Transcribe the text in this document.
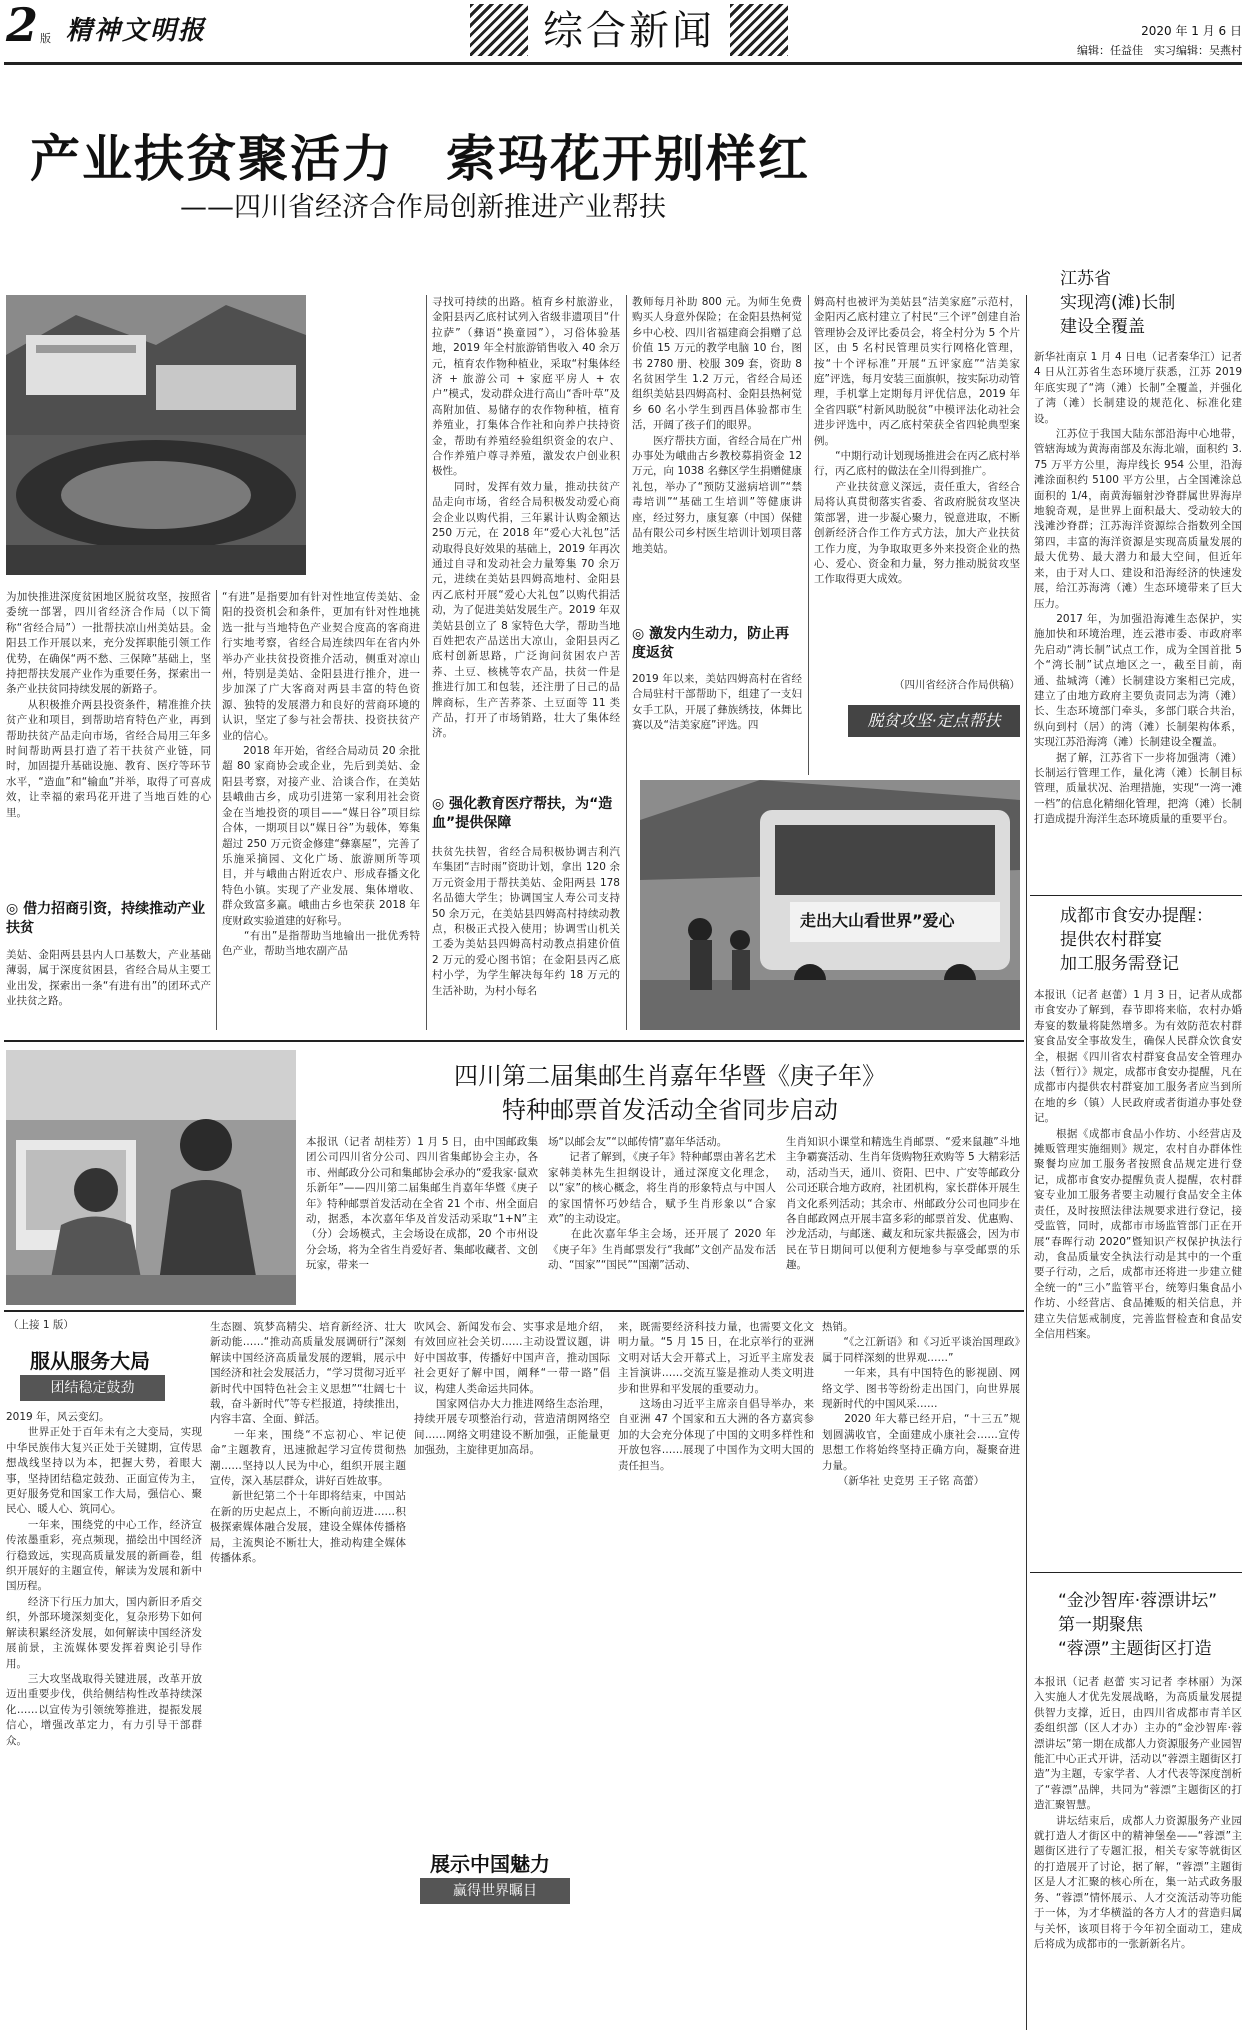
2 版 精神文明报	综合新闻	2020 年 1 月 6 日
编辑：任益佳　实习编辑：吴燕村
产业扶贫聚活力　索玛花开别样红
——四川省经济合作局创新推进产业帮扶
为加快推进深度贫困地区脱贫攻坚，按照省委统一部署，四川省经济合作局（以下简称“省经合局”）一批帮扶凉山州美姑县。金阳县工作开展以来，充分发挥职能引领工作优势，在确保“两不愁、三保障”基础上，坚持把帮扶发展产业作为重要任务，探索出一条产业扶贫同持续发展的新路子。
　　从积极推介两县投资条件，精准推介扶贫产业和项目，到帮助培育特色产业，再到帮助扶贫产品走向市场，省经合局用三年多时间帮助两县打造了若干扶贫产业链，同时，加固提升基础设施、教育、医疗等环节水平，“造血”和“输血”并举，取得了可喜成效，让幸福的索玛花开进了当地百姓的心里。
◎ 借力招商引资，持续推动产业扶贫
美姑、金阳两县县内人口基数大，产业基础薄弱，属于深度贫困县，省经合局从主要工业出发，探索出一条“有进有出”的团环式产业扶贫之路。
“有进”是指要加有针对性地宣传美姑、金阳的投资机会和条件，更加有针对性地挑选一批与当地特色产业契合度高的客商进行实地考察，省经合局连续四年在省内外举办产业扶贫投资推介活动，侧重对凉山州，特别是美姑、金阳县进行推介，进一步加深了广大客商对两县丰富的特色资源、独特的发展潜力和良好的营商环境的认识，坚定了参与社会帮扶、投资扶贫产业的信心。
　　2018 年开始，省经合局动员 20 余批超 80 家商协会或企业，先后到美姑、金阳县考察，对接产业、洽谈合作，在美姑县峨曲古乡，成功引进第一家利用社会资金在当地投资的项目——“媒日谷”项目综合体，一期项目以“媒日谷”为载体，筹集超过 250 万元资金修建“彝寨屋”，完善了乐施采摘园、文化广场、旅游厕所等项目，并与峨曲古附近农户、形成春播文化特色小镇。实现了产业发展、集体增收、群众致富多赢。峨曲古乡也荣获 2018 年度财政实验道建的好称号。
　　“有出”是指帮助当地输出一批优秀特色产业，帮助当地农副产品
寻找可持续的出路。植育乡村旅游业，金阳县丙乙底村试列入省级非遗项目“什拉萨”（彝语“换童园”），习俗体验基地，2019 年全村旅游销售收入 40 余万元，植育农作物种植业，采取“村集体经济 + 旅游公司 + 家庭平房人 + 农户”模式，发动群众进行高山“香叶草”及高附加值、易储存的农作物种植，植育养殖业，打集体合作社和向养户扶持资金，帮助有养殖经验组织资金的农户、合作养殖户尊寻养殖，激发农户创业积极性。
　　同时，发挥有效力量，推动扶贫产品走向市场，省经合局积极发动爱心商会企业以购代捐，三年累计认购金额达 250 万元，在 2018 年“爱心大礼包”活动取得良好效果的基础上，2019 年再次通过自寻和发动社会力量筹集 70 余万元，进续在美姑县四姆高地村、金阳县丙乙底村开展“爱心大礼包”以购代捐活动，为了促进美姑发展生产。2019 年双美姑县创立了 8 家特色大学，帮助当地百姓把农产品送出大凉山，金阳县丙乙底村创新思路，广泛询问贫困农户苦荞、土豆、核桃等农产品，扶贫一件是推进行加工和包装，还注册了日己的品牌商标，生产苦荞茶、土豆面等 11 类产品，打开了市场销路，壮大了集体经济。
◎ 强化教育医疗帮扶，为“造血”提供保障
扶贫先扶智，省经合局积极协调吉利汽车集团“吉时雨”资助计划，拿出 120 余万元资金用于帮扶美姑、金阳两县 178 名品德大学生；协调国宝人寿公司支持 50 余万元，在美姑县四姆高村持续动教点，积极正式投入使用；协调雪山机关工委为美姑县四姆高村动教点捐建价值 2 万元的爱心图书馆；在金阳县丙乙底村小学，为学生解决每年约 18 万元的生活补助，为村小每名
教师每月补助 800 元。为师生免费购买人身意外保险；在金阳县热柯觉乡中心校、四川省福建商会捐赠了总价值 15 万元的教学电脑 10 台，图书 2780 册、校服 309 套，资助 8 名贫困学生 1.2 万元，省经合局还组织美姑县四姆高村、金阳县热柯觉乡 60 名小学生到西昌体验都市生活，开阔了孩子们的眼界。
　　医疗帮扶方面，省经合局在广州办事处为峨曲古乡教校募捐资金 12 万元，向 1038 名彝区学生捐赠健康礼包，举办了“预防艾滋病培训”“禁毒培训”“基础工生培训”等健康讲座，经过努力，康复寨（中国）保健品有限公司乡村医生培训计划项目落地美姑。
◎ 激发内生动力，防止再度返贫
2019 年以来，美姑四姆高村在省经合局驻村干部帮助下，组建了一支妇女手工队，开展了彝族绣技，体舞比赛以及“洁美家庭”评选。四
姆高村也被评为美姑县“洁美家庭”示范村，金阳丙乙底村建立了村民“三个评”创建自治管理协会及评比委员会，将全村分为 5 个片区，由 5 名村民管理员实行网格化管理，按“十个评标准”开展“五评家庭”“洁美家庭”评选，每月安装三面旗帜，按实际功动管理，手机掌上定期每月评优信息，2019 年全省四联“村新风助脱贫”中模评法化动社会进步评选中，丙乙底村荣获全省四轮典型案例。
　　“中期行动计划现场推进会在丙乙底村举行，丙乙底村的做法在全川得到推广。
　　产业扶贫意义深远，责任重大，省经合局将认真贯彻落实省委、省政府脱贫攻坚决策部署，进一步凝心聚力，锐意进取，不断创新经济合作工作方式方法，加大产业扶贫工作力度，为争取取更多外来投资企业的热心、爱心、资金和力量，努力推动脱贫攻坚工作取得更大成效。
（四川省经济合作局供稿）
脱贫攻坚·定点帮扶
走出大山看世界”爱心
江苏省
实现湾(滩)长制
建设全覆盖
新华社南京 1 月 4 日电（记者秦华江）记者 4 日从江苏省生态环境厅获悉，江苏 2019 年底实现了“湾（滩）长制”全覆盖，并强化了湾（滩）长制建设的规范化、标准化建设。
　　江苏位于我国大陆东部沿海中心地带，管辖海域为黄海南部及东海北端，面积约 3.75 万平方公里，海岸线长 954 公里，沿海滩涂面积约 5100 平方公里，占全国滩涂总面积的 1/4，南黄海辐射沙脊群属世界海岸地貌奇观，是世界上面积最大、受动较大的浅滩沙脊群；江苏海洋资源综合指数列全国第四，丰富的海洋资源是实现高质量发展的最大优势、最大潜力和最大空间，但近年来，由于对人口、建设和沿海经济的快速发展，给江苏海湾（滩）生态环境带来了巨大压力。
　　2017 年，为加强沿海滩生态保护，实施加快和环境治理，连云港市委、市政府率先启动“湾长制”试点工作，成为全国首批 5 个“湾长制”试点地区之一，截至目前，南通、盐城湾（滩）长制建设方案相已完成，建立了由地方政府主要负责同志为湾（滩）长、生态环境部门牵头，多部门联合共治，纵向到村（居）的湾（滩）长制架构体系，实现江苏沿海湾（滩）长制建设全覆盖。
　　据了解，江苏省下一步将加强湾（滩）长制运行管理工作，量化湾（滩）长制目标管理，质量状况、治理措施，实现“一湾一滩一档”的信息化精细化管理，把湾（滩）长制打造成提升海洋生态环境质量的重要平台。
成都市食安办提醒：
提供农村群宴
加工服务需登记
本报讯（记者 赵蕾）1 月 3 日，记者从成都市食安办了解到，春节即将来临，农村办婚寿宴的数量将陡然增多。为有效防范农村群宴食品安全事故发生，确保人民群众饮食安全，根据《四川省农村群宴食品安全管理办法（暂行）》规定，成都市食安办提醒，凡在成都市内提供农村群宴加工服务者应当到所在地的乡（镇）人民政府或者街道办事处登记。
　　根据《成都市食品小作坊、小经营店及摊贩管理实施细则》规定，农村自办群体性聚餐均应加工服务者按照食品规定进行登记，成都市食安办提醒负责人提醒，农村群宴专业加工服务者要主动履行食品安全主体责任，及时按照法律法规要求进行登记，接受监管，同时，成都市市场监管部门正在开展“春晖行动 2020”暨知识产权保护执法行动，食品质量安全执法行动是其中的一个重要子行动，之后，成都市还将进一步建立健全统一的“三小”监管平台，统筹归集食品小作坊、小经营店、食品摊贩的相关信息，并建立失信惩戒制度，完善监督检查和食品安全信用档案。
“金沙智库·蓉漂讲坛”
第一期聚焦
“蓉漂”主题街区打造
本报讯（记者 赵蕾 实习记者 李林丽）为深入实施人才优先发展战略，为高质量发展提供智力支撑，近日，由四川省成都市青羊区委组织部（区人才办）主办的“金沙智库·蓉漂讲坛”第一期在成都人力资源服务产业园智能汇中心正式开讲，活动以“蓉漂主题街区打造”为主题，专家学者、人才代表等深度剖析了“蓉漂”品牌，共同为“蓉漂”主题街区的打造汇聚智慧。
　　讲坛结束后，成都人力资源服务产业园就打造人才街区中的精神堡垒——“蓉漂”主题街区进行了专题汇报，相关专家等就街区的打造展开了讨论，据了解，“蓉漂”主题街区是人才汇聚的核心所在，集一站式政务服务、“蓉漂”情怀展示、人才交流活动等功能于一体，为才华横溢的各方人才的营造归属与关怀，该项目将于今年初全面动工，建成后将成为成都市的一张新新名片。
四川第二届集邮生肖嘉年华暨《庚子年》
特种邮票首发活动全省同步启动
本报讯（记者 胡桂芳）1 月 5 日，由中国邮政集团公司四川省分公司、四川省集邮协会主办，各市、州邮政分公司和集邮协会承办的“爱我家·鼠欢乐新年”——四川第二届集邮生肖嘉年华暨《庚子年》特种邮票首发活动在全省 21 个市、州全面启动，据悉，本次嘉年华及首发活动采取“1+N”主（分）会场模式，主会场设在成都，20 个市州设分会场，将为全省生肖爱好者、集邮收藏者、文创玩家，带来一
场“以邮会友”“以邮传情”嘉年华活动。
　　记者了解到，《庚子年》特种邮票由著名艺术家韩美林先生担纲设计，通过深度文化理念，以“家”的核心概念，将生肖的形象特点与中国人的家国情怀巧妙结合，赋予生肖形象以“合家欢”的主动设定。
　　在此次嘉年华主会场，还开展了 2020 年《庚子年》生肖邮票发行“我邮”文创产品发布活动、“国家”“国民”“国潮”活动、
生肖知识小课堂和精选生肖邮票、“爱来鼠趣”斗地主争霸赛活动、生肖年货购物狂欢购等 5 大精彩活动，活动当天，通川、资阳、巴中、广安等邮政分公司还联合地方政府，社团机构，家长群体开展生肖文化系列活动；其余市、州邮政分公司也同步在各自邮政网点开展丰富多彩的邮票首发、优惠购、沙龙活动，与邮迷、藏友和玩家共振盛会，因为市民在节日期间可以便利方便地参与享受邮票的乐趣。
（上接 1 版）
服从服务大局
团结稳定鼓劲
2019 年，风云变幻。
　　世界正处于百年未有之大变局，实现中华民族伟大复兴正处于关键期，宣传思想战线坚持以为本，把握大势，着眼大事，坚持团结稳定鼓劲、正面宣传为主，更好服务党和国家工作大局，强信心、聚民心、暖人心、筑同心。
　　一年来，围绕党的中心工作，经济宣传浓墨重彩，亮点频现，描绘出中国经济行稳致远，实现高质量发展的新画卷，组织开展好的主题宣传，解读为发展和新中国历程。
　　经济下行压力加大，国内新旧矛盾交织，外部环境深刻变化，复杂形势下如何解读积累经济发展，如何解读中国经济发展前景，主流媒体要发挥着舆论引导作用。
　　三大攻坚战取得关键进展，改革开放迈出重要步伐，供给侧结构性改革持续深化……以宣传为引领统筹推进，提振发展信心，增强改革定力，有力引导干部群众。
生态圈、筑梦高精尖、培育新经济、壮大新动能……“推动高质量发展调研行”深刻解读中国经济高质量发展的逻辑，展示中国经济和社会发展活力，“学习贯彻习近平新时代中国特色社会主义思想”“壮阔七十载，奋斗新时代”等专栏报道，持续推出，内容丰富、全面、鲜活。
　　一年来，围绕“不忘初心、牢记使命”主题教育，迅速掀起学习宣传贯彻热潮……坚持以人民为中心，组织开展主题宣传，深入基层群众，讲好百姓故事。
　　新世纪第二个十年即将结束，中国站在新的历史起点上，不断向前迈进……积极探索媒体融合发展，建设全媒体传播格局，主流舆论不断壮大，推动构建全媒体传播体系。
吹风会、新闻发布会、实事求是地介绍，有效回应社会关切……主动设置议题，讲好中国故事，传播好中国声音，推动国际社会更好了解中国，阐释“一带一路”倡议，构建人类命运共同体。
　　国家网信办大力推进网络生态治理，持续开展专项整治行动，营造清朗网络空间……网络文明建设不断加强，正能量更加强劲，主旋律更加高昂。
展示中国魅力
赢得世界瞩目
来，既需要经济科技力量，也需要文化文明力量。“5 月 15 日，在北京举行的亚洲文明对话大会开幕式上，习近平主席发表主旨演讲……交流互鉴是推动人类文明进步和世界和平发展的重要动力。
　　这场由习近平主席亲自倡导举办，来自亚洲 47 个国家和五大洲的各方嘉宾参加的大会充分体现了中国的文明多样性和开放包容……展现了中国作为文明大国的责任担当。
热销。
　　“《之江新语》和《习近平谈治国理政》属于同样深刻的世界观……”
　　一年来，具有中国特色的影视剧、网络文学、图书等纷纷走出国门，向世界展现新时代的中国风采……
　　2020 年大幕已经开启，“十三五”规划圆满收官，全面建成小康社会……宣传思想工作将始终坚持正确方向，凝聚奋进力量。
　　（新华社 史竞男 王子铭 高蕾）
